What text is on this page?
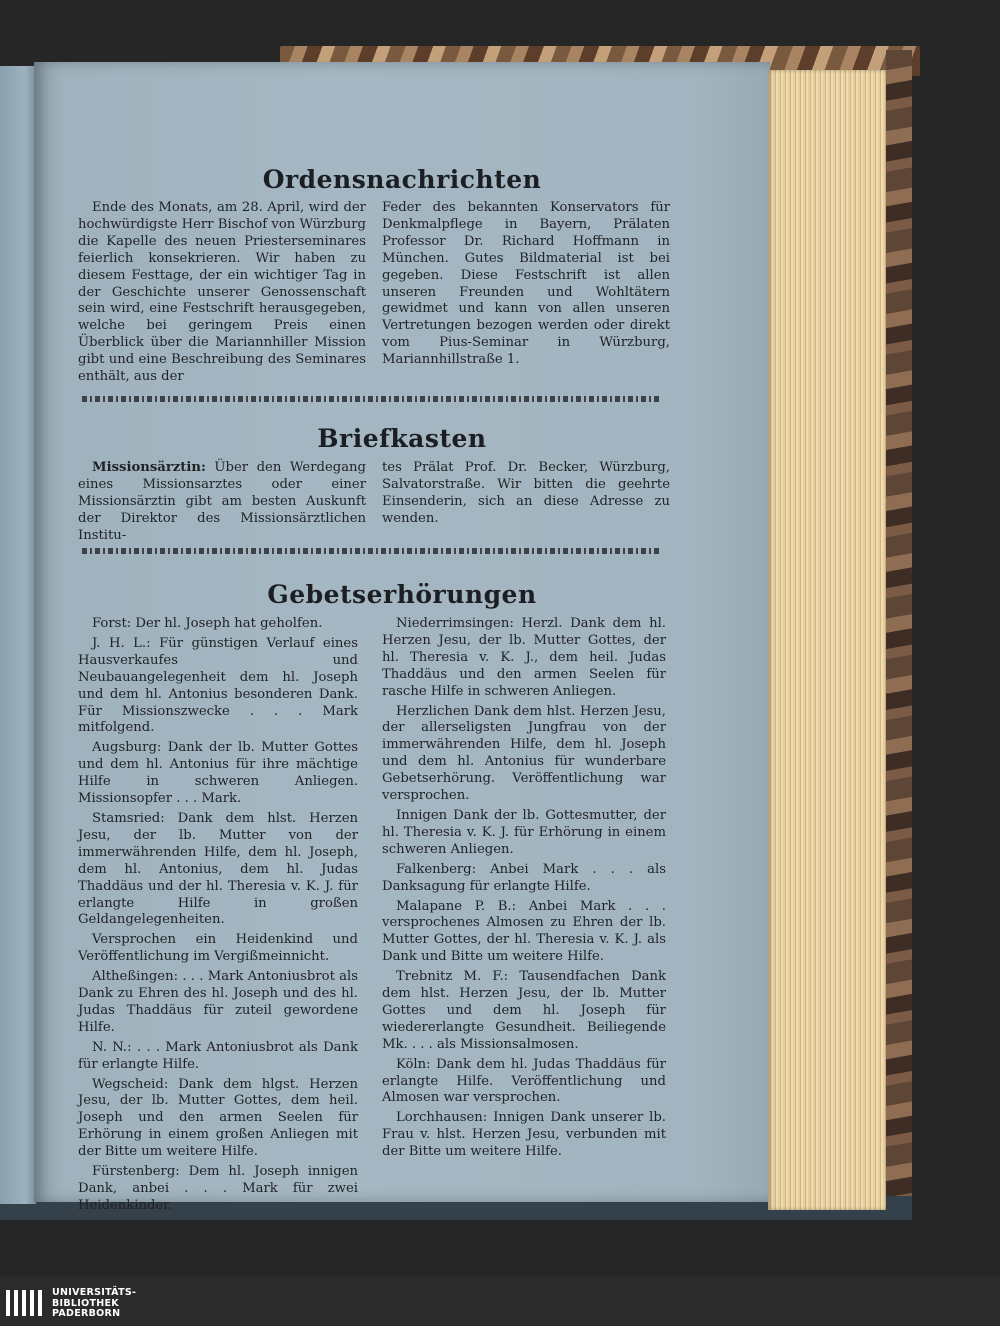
Ordensnachrichten

Ende des Monats, am 28. April, wird der hochwürdigste Herr Bischof von Würzburg die Kapelle des neuen Priesterseminares feierlich konsekrieren. Wir haben zu diesem Festtage, der ein wichtiger Tag in der Geschichte unserer Genossenschaft sein wird, eine Festschrift herausgegeben, welche bei geringem Preis einen Überblick über die Mariannhiller Mission gibt und eine Beschreibung des Seminares enthält, aus der

Feder des bekannten Konservators für Denkmalpflege in Bayern, Prälaten Professor Dr. Richard Hoffmann in München. Gutes Bildmaterial ist bei gegeben. Diese Festschrift ist allen unseren Freunden und Wohltätern gewidmet und kann von allen unseren Vertretungen bezogen werden oder direkt vom Pius-Seminar in Würzburg, Mariannhillstraße 1.

Briefkasten

Missionsärztin: Über den Werdegang eines Missionsarztes oder einer Missionsärztin gibt am besten Auskunft der Direktor des Missionsärztlichen Institu-

tes Prälat Prof. Dr. Becker, Würzburg, Salvatorstraße. Wir bitten die geehrte Einsenderin, sich an diese Adresse zu wenden.

Gebetserhörungen

Forst: Der hl. Joseph hat geholfen.

J. H. L.: Für günstigen Verlauf eines Hausverkaufes und Neubauangelegenheit dem hl. Joseph und dem hl. Antonius besonderen Dank. Für Missionszwecke . . . Mark mitfolgend.

Augsburg: Dank der lb. Mutter Gottes und dem hl. Antonius für ihre mächtige Hilfe in schweren Anliegen. Missionsopfer . . . Mark.

Stamsried: Dank dem hlst. Herzen Jesu, der lb. Mutter von der immerwährenden Hilfe, dem hl. Joseph, dem hl. Antonius, dem hl. Judas Thaddäus und der hl. Theresia v. K. J. für erlangte Hilfe in großen Geldangelegenheiten.

Versprochen ein Heidenkind und Veröffentlichung im Vergißmeinnicht.

Altheßingen: . . . Mark Antoniusbrot als Dank zu Ehren des hl. Joseph und des hl. Judas Thaddäus für zuteil gewordene Hilfe.

N. N.: . . . Mark Antoniusbrot als Dank für erlangte Hilfe.

Wegscheid: Dank dem hlgst. Herzen Jesu, der lb. Mutter Gottes, dem heil. Joseph und den armen Seelen für Erhörung in einem großen Anliegen mit der Bitte um weitere Hilfe.

Fürstenberg: Dem hl. Joseph innigen Dank, anbei . . . Mark für zwei Heidenkinder.

Niederrimsingen: Herzl. Dank dem hl. Herzen Jesu, der lb. Mutter Gottes, der hl. Theresia v. K. J., dem heil. Judas Thaddäus und den armen Seelen für rasche Hilfe in schweren Anliegen.

Herzlichen Dank dem hlst. Herzen Jesu, der allerseligsten Jungfrau von der immerwährenden Hilfe, dem hl. Joseph und dem hl. Antonius für wunderbare Gebetserhörung. Veröffentlichung war versprochen.

Innigen Dank der lb. Gottesmutter, der hl. Theresia v. K. J. für Erhörung in einem schweren Anliegen.

Falkenberg: Anbei Mark . . . als Danksagung für erlangte Hilfe.

Malapane P. B.: Anbei Mark . . . versprochenes Almosen zu Ehren der lb. Mutter Gottes, der hl. Theresia v. K. J. als Dank und Bitte um weitere Hilfe.

Trebnitz M. F.: Tausendfachen Dank dem hlst. Herzen Jesu, der lb. Mutter Gottes und dem hl. Joseph für wiedererlangte Gesundheit. Beiliegende Mk. . . . als Missionsalmosen.

Köln: Dank dem hl. Judas Thaddäus für erlangte Hilfe. Veröffentlichung und Almosen war versprochen.

Lorchhausen: Innigen Dank unserer lb. Frau v. hlst. Herzen Jesu, verbunden mit der Bitte um weitere Hilfe.

UNIVERSITÄTS-
BIBLIOTHEK
PADERBORN
